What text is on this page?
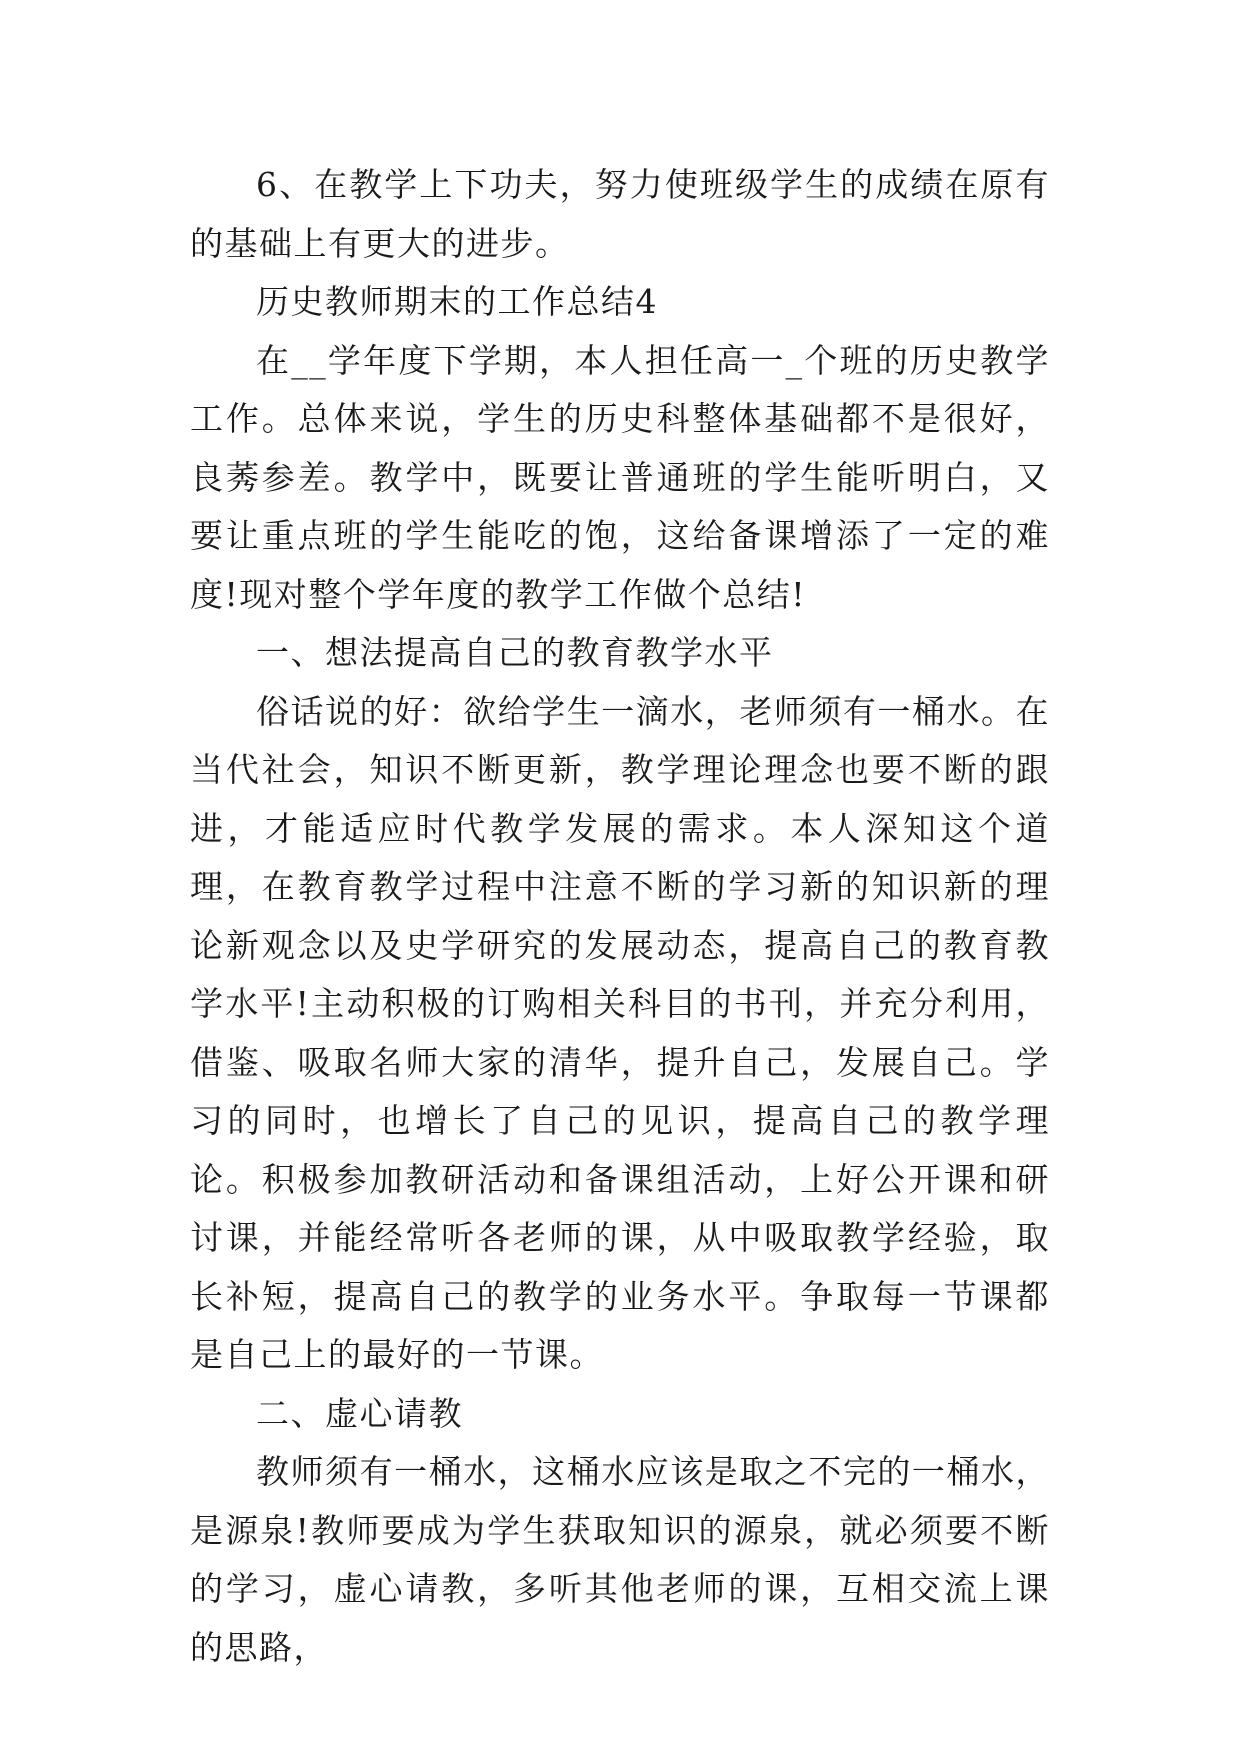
6、在教学上下功夫，努力使班级学生的成绩在原有的基础上有更大的进步。

历史教师期末的工作总结4

在__学年度下学期，本人担任高一_个班的历史教学工作。总体来说，学生的历史科整体基础都不是很好，良莠参差。教学中，既要让普通班的学生能听明白，又要让重点班的学生能吃的饱，这给备课增添了一定的难度!现对整个学年度的教学工作做个总结!

一、想法提高自己的教育教学水平

俗话说的好：欲给学生一滴水，老师须有一桶水。在当代社会，知识不断更新，教学理论理念也要不断的跟进，才能适应时代教学发展的需求。本人深知这个道理，在教育教学过程中注意不断的学习新的知识新的理论新观念以及史学研究的发展动态，提高自己的教育教学水平!主动积极的订购相关科目的书刊，并充分利用，借鉴、吸取名师大家的清华，提升自己，发展自己。学习的同时，也增长了自己的见识，提高自己的教学理论。积极参加教研活动和备课组活动，上好公开课和研讨课，并能经常听各老师的课，从中吸取教学经验，取长补短，提高自己的教学的业务水平。争取每一节课都是自己上的最好的一节课。

二、虚心请教

教师须有一桶水，这桶水应该是取之不完的一桶水，是源泉!教师要成为学生获取知识的源泉，就必须要不断的学习，虚心请教，多听其他老师的课，互相交流上课的思路，
